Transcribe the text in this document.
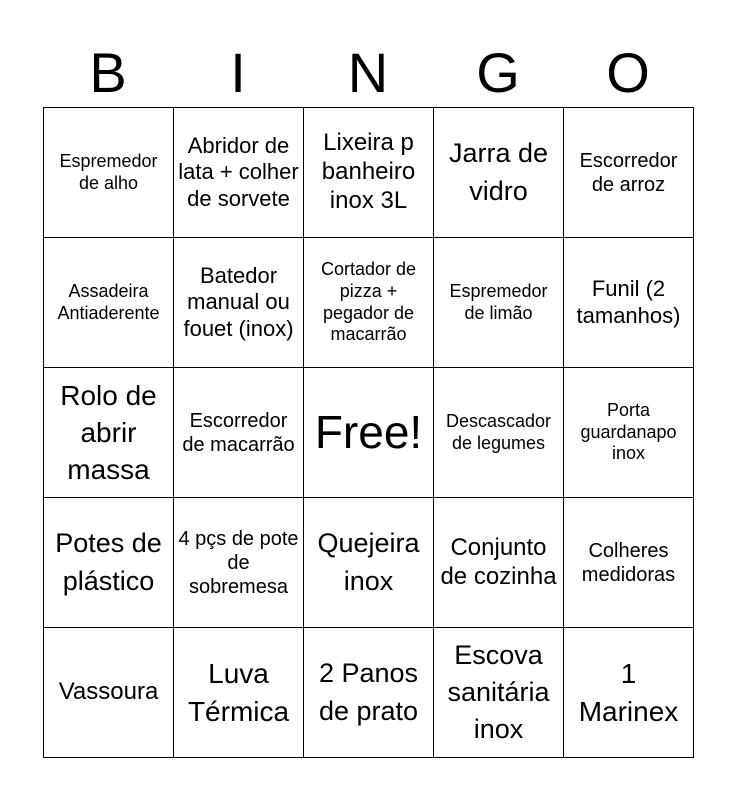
B	I	N	G	O
Espremedor de alho	Abridor de lata + colher de sorvete	Lixeira p banheiro inox 3L	Jarra de vidro	Escorredor de arroz
Assadeira Antiaderente	Batedor manual ou fouet (inox)	Cortador de pizza + pegador de macarrão	Espremedor de limão	Funil (2 tamanhos)
Rolo de abrir massa	Escorredor de macarrão	Free!	Descascador de legumes	Porta guardanapo inox
Potes de plástico	4 pçs de pote de sobremesa	Quejeira inox	Conjunto de cozinha	Colheres medidoras
Vassoura	Luva Térmica	2 Panos de prato	Escova sanitária inox	1 Marinex
